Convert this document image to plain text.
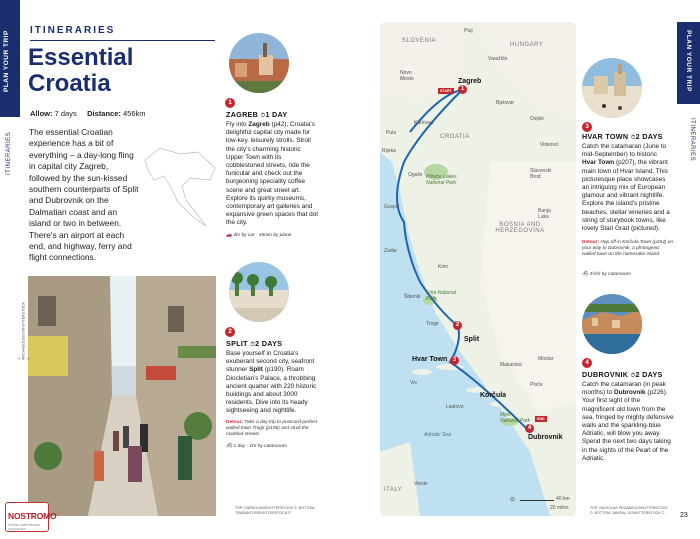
PLAN YOUR TRIP
ITINERARIES
ITINERARIES
Essential
Croatia
Allow: 7 days Distance: 456km
The essential Croatian experience has a bit of everything – a day-long fling in capital city Zagreb, followed by the sun-kissed southern counterparts of Split and Dubrovnik on the Dalmatian coast and an island or two in between. There's an airport at each end, and highway, ferry and flight connections.
© ARCHAEOLOGY/SHUTTERSTOCK ©
1
ZAGREB ⏱1 DAY
Fly into Zagreb (p42), Croatia's delightful capital city made for low-key, leisurely strolls. Stroll the city's charming historic Upper Town with its cobblestoned streets, ride the funicular and check out the burgeoning speciality coffee scene and great street art. Explore its quirky museums, contemporary art galleries and expansive green spaces that dot the city.
🚗 4hr by car · 45min by plane
2
SPLIT ⏱2 DAYS
Base yourself in Croatia's exuberant second city, seafront stunner Split (p190). Roam Diocletian's Palace, a throbbing ancient quarter with 220 historic buildings and about 3000 residents. Dive into its heady sightseeing and nightlife.
Detour: Take a day trip to postcard-perfect walled town Trogir (p196) and stroll the marbled streets.
⛴ 1 day · 1hr by catamaran
TOP: KARSOLMI/SHUTTERSTOCK ©; BOTTOM: TRABANTOS/SHUTTERSTOCK ©
NOSTROMO
VOTRE COMPTOIR DES VOYAGEURS
SLOVENIA
HUNGARY
CROATIA
BOSNIA AND HERZEGOVINA
ITALY
Zagreb
Split
Hvar Town
Korčula
Dubrovnik
Trogir
Ptuj
Novo Mesto
Karlovac
Varaždin
Bjelovar
Osijek
Vinkovci
Slavonski Brod
Banja Luka
Rijeka
Ogulin
Gospić
Zadar
Šibenik
Knin
Mostar
Makarska
Ploče
Vis
Lastovo
Vieste
Pula
Plitvice Lakes National Park
Krka National Park
Mljet National Park
Adriatic Sea
START	1
2
3
4
END
40 km
20 miles
⊙
PLAN YOUR TRIP
ITINERARIES
3
HVAR TOWN ⏱2 DAYS
Catch the catamaran (June to mid-September) to historic Hvar Town (p207), the vibrant main town of Hvar Island. This picturesque place showcases an intriguing mix of European glamour and vibrant nightlife. Explore the island's pristine beaches, stellar wineries and a string of storybook towns, like lovely Stari Grad (pictured).
Detour: Hop off in Korčula Town (p254) on your way to Dubrovnik, a photogenic walled town on the namesake island.
⛴ 3½hr by catamaran
4
DUBROVNIK ⏱2 DAYS
Catch the catamaran (in peak months) to Dubrovnik (p226). Your first sight of the magnificent old town from the sea, fringed by mighty defensive walls and the sparkling-blue Adriatic, will blow you away. Spend the next two days taking in the sights of the Pearl of the Adriatic.
TOP: NICHOLAS PEGANIKO/SHUTTERSTOCK ©; BOTTOM: JAKIRAL.G/SHUTTERSTOCK ©	23
